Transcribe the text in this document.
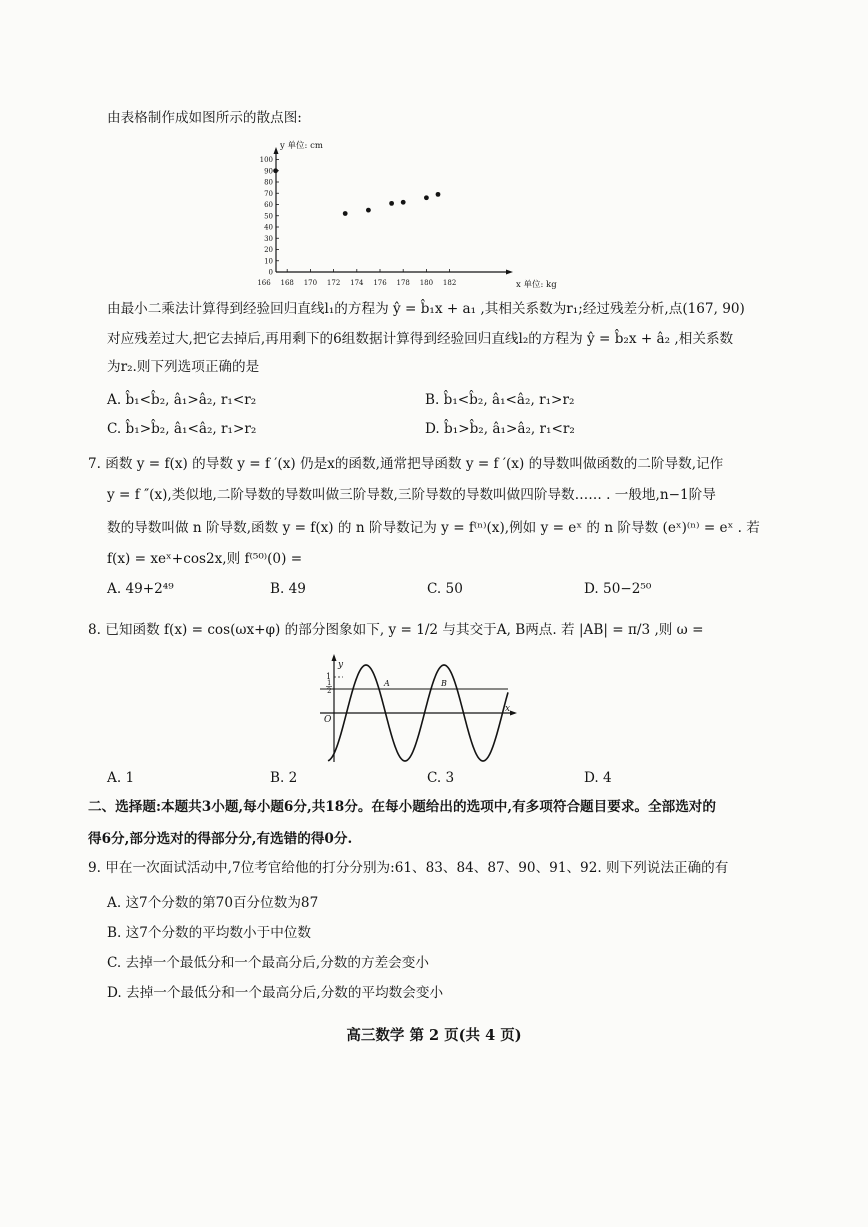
由表格制作成如图所示的散点图:
0
10
20
30
40
50
60
70
80
90
100
166 168 170 172 174 176 178 180 182
y 单位: cm
x 单位: kg
由最小二乘法计算得到经验回归直线l₁的方程为 ŷ = b̂₁x + a₁ ,其相关系数为r₁;经过残差分析,点(167, 90)
对应残差过大,把它去掉后,再用剩下的6组数据计算得到经验回归直线l₂的方程为 ŷ = b̂₂x + â₂ ,相关系数
为r₂.则下列选项正确的是
A. b̂₁<b̂₂, â₁>â₂, r₁<r₂	B. b̂₁<b̂₂, â₁<â₂, r₁>r₂
C. b̂₁>b̂₂, â₁<â₂, r₁>r₂	D. b̂₁>b̂₂, â₁>â₂, r₁<r₂
7. 函数 y = f(x) 的导数 y = f ′(x) 仍是x的函数,通常把导函数 y = f ′(x) 的导数叫做函数的二阶导数,记作
y = f ″(x),类似地,二阶导数的导数叫做三阶导数,三阶导数的导数叫做四阶导数…… . 一般地,n−1阶导
数的导数叫做 n 阶导数,函数 y = f(x) 的 n 阶导数记为 y = f⁽ⁿ⁾(x),例如 y = eˣ 的 n 阶导数 (eˣ)⁽ⁿ⁾ = eˣ . 若
f(x) = xeˣ+cos2x,则 f⁽⁵⁰⁾(0) =
A. 49+2⁴⁹	B. 49	C. 50	D. 50−2⁵⁰
8. 已知函数 f(x) = cos(ωx+φ) 的部分图象如下, y = 1/2 与其交于A, B两点. 若 |AB| = π/3 ,则 ω =
y
x
O
1
1
2
A	B
A. 1	B. 2	C. 3	D. 4
二、选择题:本题共3小题,每小题6分,共18分。在每小题给出的选项中,有多项符合题目要求。全部选对的
得6分,部分选对的得部分分,有选错的得0分.
9. 甲在一次面试活动中,7位考官给他的打分分别为:61、83、84、87、90、91、92. 则下列说法正确的有
A. 这7个分数的第70百分位数为87
B. 这7个分数的平均数小于中位数
C. 去掉一个最低分和一个最高分后,分数的方差会变小
D. 去掉一个最低分和一个最高分后,分数的平均数会变小
高三数学 第 2 页(共 4 页)
